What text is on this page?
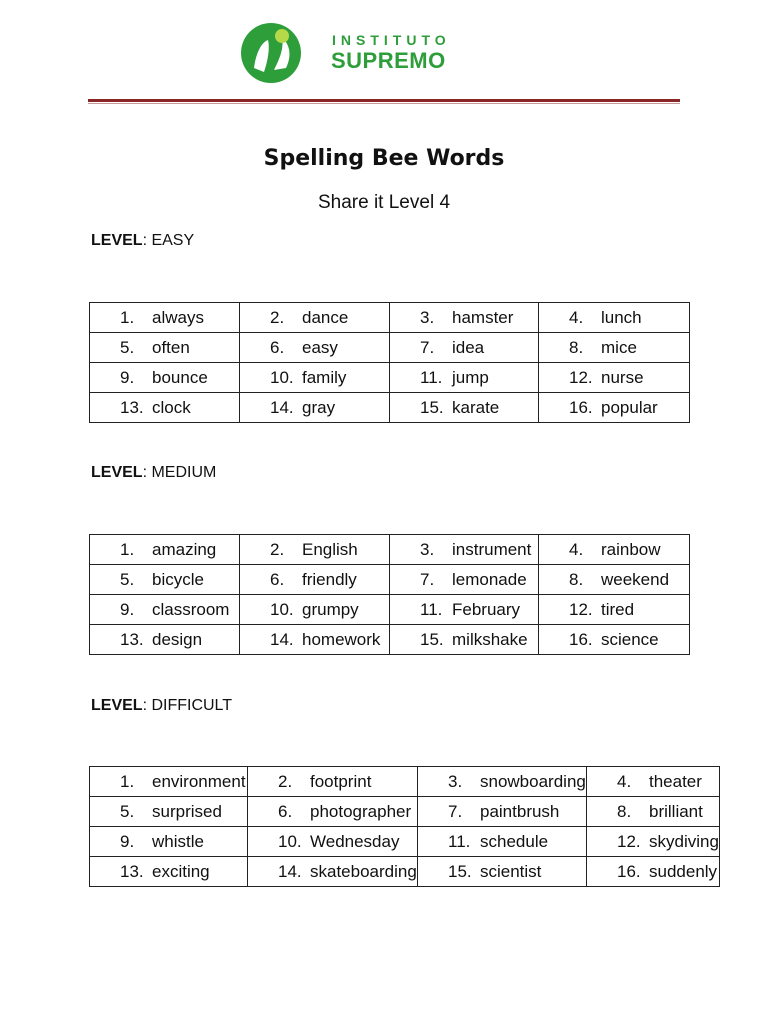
INSTITUTO
SUPREMO
Spelling Bee Words
Share it Level 4
LEVEL: EASY
1. always	2. dance	3. hamster	4. lunch

5. often	6. easy	7. idea	8. mice

9. bounce	10. family	11. jump	12. nurse

13. clock	14. gray	15. karate	16. popular
LEVEL: MEDIUM
1. amazing	2. English	3. instrument	4. rainbow

5. bicycle	6. friendly	7. lemonade	8. weekend

9. classroom	10. grumpy	11. February	12. tired

13. design	14. homework	15. milkshake	16. science
LEVEL: DIFFICULT
1. environment	2. footprint	3. snowboarding	4. theater

5. surprised	6. photographer	7. paintbrush	8. brilliant

9. whistle	10. Wednesday	11. schedule	12. skydiving

13. exciting	14. skateboarding	15. scientist	16. suddenly
